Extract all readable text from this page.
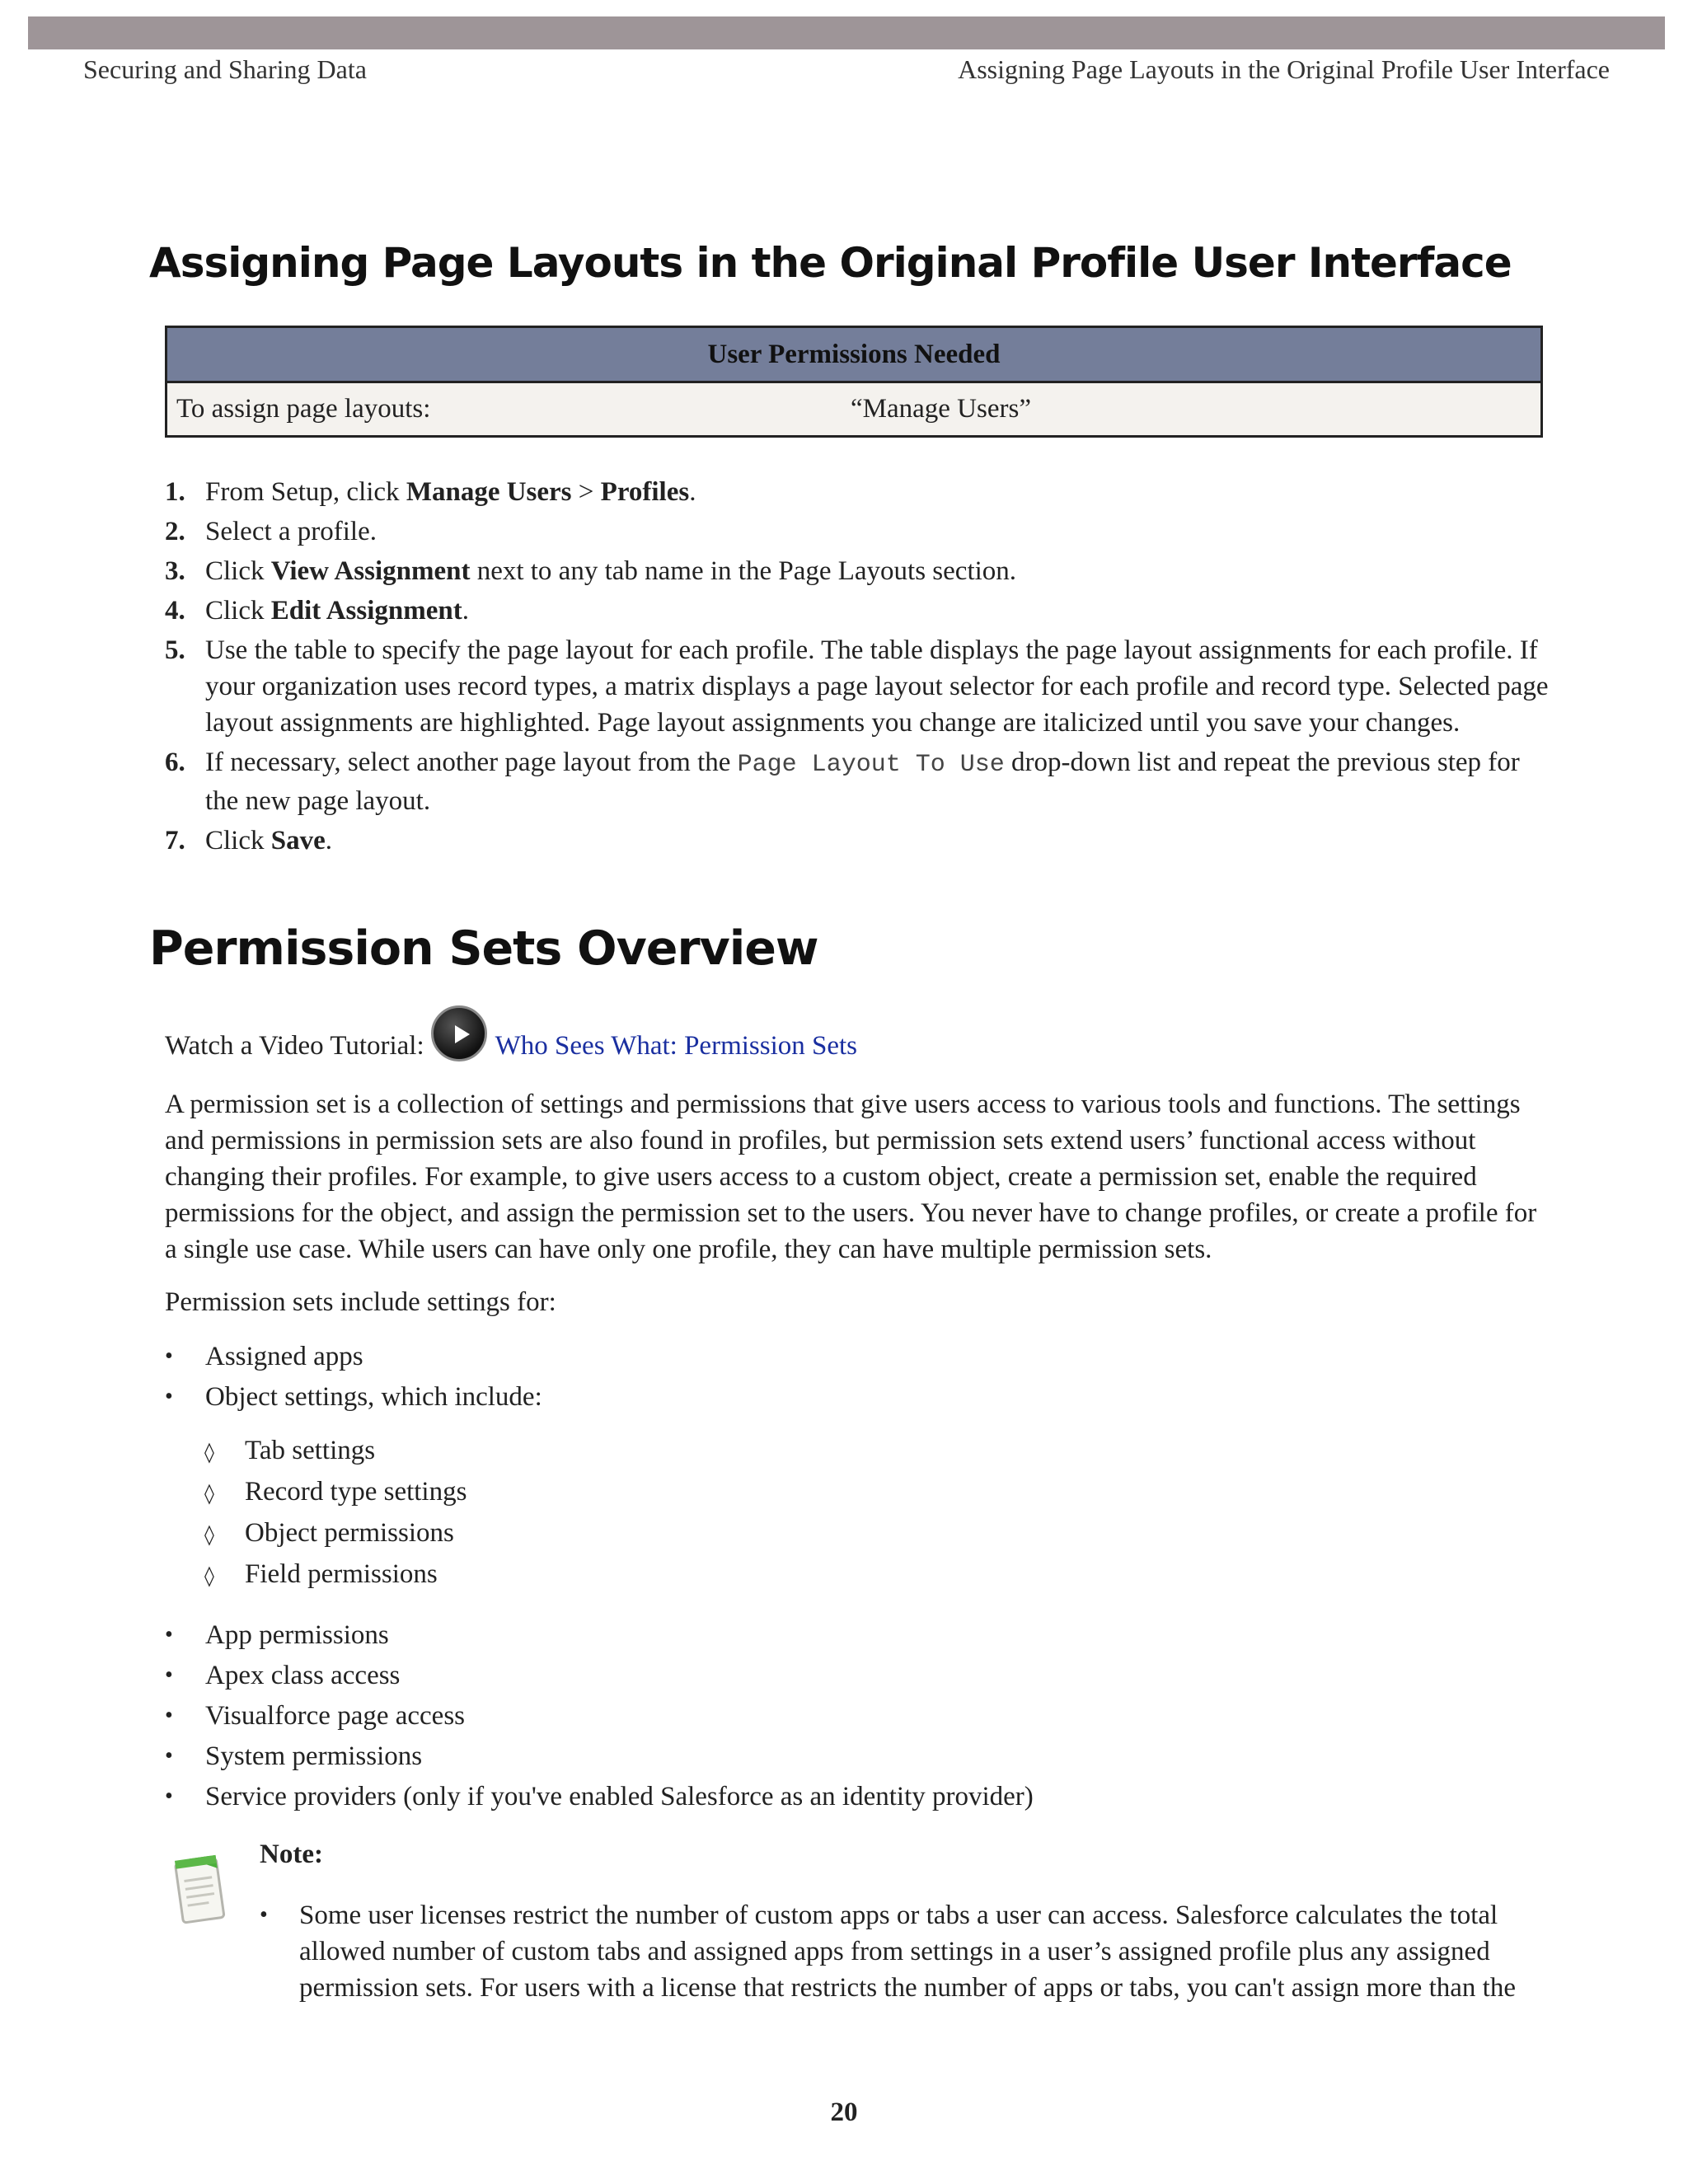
Securing and Sharing Data	Assigning Page Layouts in the Original Profile User Interface
Assigning Page Layouts in the Original Profile User Interface
User Permissions Needed
To assign page layouts:	“Manage Users”
1. From Setup, click Manage Users > Profiles.
2. Select a profile.
3. Click View Assignment next to any tab name in the Page Layouts section.
4. Click Edit Assignment.
5. Use the table to specify the page layout for each profile. The table displays the page layout assignments for each profile. If your organization uses record types, a matrix displays a page layout selector for each profile and record type. Selected page layout assignments are highlighted. Page layout assignments you change are italicized until you save your changes.
6. If necessary, select another page layout from the Page Layout To Use drop-down list and repeat the previous step for the new page layout.
7. Click Save.
Permission Sets Overview
Watch a Video Tutorial:	Who Sees What: Permission Sets

A permission set is a collection of settings and permissions that give users access to various tools and functions. The settings and permissions in permission sets are also found in profiles, but permission sets extend users’ functional access without changing their profiles. For example, to give users access to a custom object, create a permission set, enable the required permissions for the object, and assign the permission set to the users. You never have to change profiles, or create a profile for a single use case. While users can have only one profile, they can have multiple permission sets.

Permission sets include settings for:

• Assigned apps
• Object settings, which include:
◊ Tab settings
◊ Record type settings
◊ Object permissions
◊ Field permissions
• App permissions
• Apex class access
• Visualforce page access
• System permissions
• Service providers (only if you've enabled Salesforce as an identity provider)
Note:
• Some user licenses restrict the number of custom apps or tabs a user can access. Salesforce calculates the total allowed number of custom tabs and assigned apps from settings in a user’s assigned profile plus any assigned permission sets. For users with a license that restricts the number of apps or tabs, you can't assign more than the
20
